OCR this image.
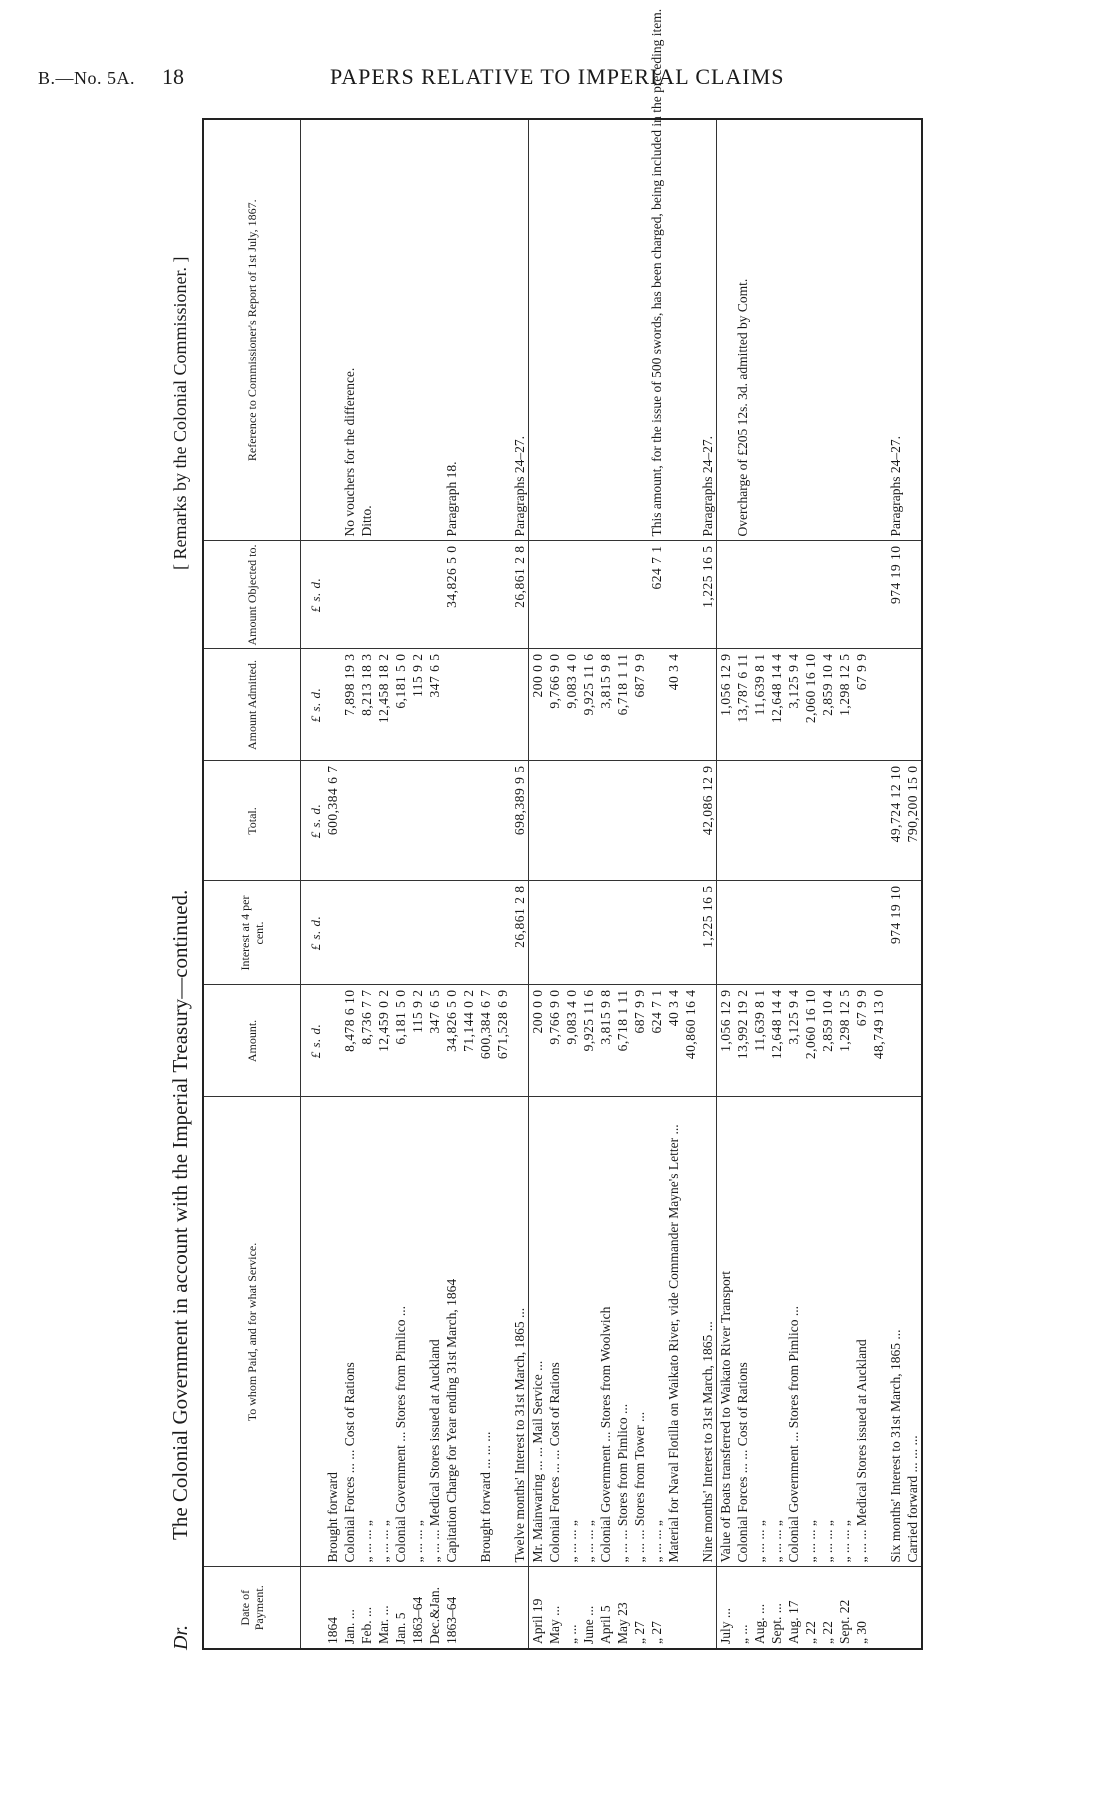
B.—No. 5A. 18	PAPERS RELATIVE TO IMPERIAL CLAIMS
Dr.
The Colonial Government in account with the Imperial Treasury—continued.
[ Remarks by the Colonial Commissioner. ]
Date of Payment.	To whom Paid, and for what Service.	Amount.	Interest at 4 per cent.	Total.	Amount Admitted.	Amount Objected to.	Reference to Commissioner's Report of 1st July, 1867.
		£ s. d.	£ s. d.	£ s. d.	£ s. d.	£ s. d.	
1864	Brought forward			600,384 6 7			
Jan. ...	Colonial Forces ... ... Cost of Rations	8,478 6 10			7,898 19 3		No vouchers for the difference.
Feb. ...	„ ... ... „	8,736 7 7			8,213 18 3		Ditto.
Mar. ...	„ ... ... „	12,459 0 2			12,458 18 2		
Jan. 5	Colonial Government ... Stores from Pimlico ...	6,181 5 0			6,181 5 0		
1863–64	„ ... ... „	115 9 2			115 9 2		
Dec.&Jan.	„ ... ... Medical Stores issued at Auckland	347 6 5			347 6 5		
1863–64	Capitation Charge for Year ending 31st March, 1864	34,826 5 0				34,826 5 0	Paragraph 18.
		71,144 0 2					
	Brought forward ... ... ...	600,384 6 7					
		671,528 6 9					
	Twelve months' Interest to 31st March, 1865 ...		26,861 2 8	698,389 9 5		26,861 2 8	Paragraphs 24–27.
April 19	Mr. Mainwaring ... ... Mail Service ...	200 0 0			200 0 0		
May ...	Colonial Forces ... ... Cost of Rations	9,766 9 0			9,766 9 0		
„ ...	„ ... ... „	9,083 4 0			9,083 4 0		
June ...	„ ... ... „	9,925 11 6			9,925 11 6		
April 5	Colonial Government ... Stores from Woolwich	3,815 9 8			3,815 9 8		
May 23	„ ... ... Stores from Pimlico ...	6,718 1 11			6,718 1 11		
„ 27	„ ... ... Stores from Tower ...	687 9 9			687 9 9		
„ 27	„ ... ... „	624 7 1				624 7 1	This amount, for the issue of 500 swords, has been charged, being included in the preceding item.
	Material for Naval Flotilla on Waikato River, vide Commander Mayne's Letter ...	40 3 4			40 3 4		
		40,860 16 4					
	Nine months' Interest to 31st March, 1865 ...		1,225 16 5	42,086 12 9		1,225 16 5	Paragraphs 24–27.
July ...	Value of Boats transferred to Waikato River Transport	1,056 12 9			1,056 12 9		
„ ...	Colonial Forces ... ... Cost of Rations	13,992 19 2			13,787 6 11		Overcharge of £205 12s. 3d. admitted by Comt.
Aug. ...	„ ... ... „	11,639 8 1			11,639 8 1		
Sept. ...	„ ... ... „	12,648 14 4			12,648 14 4		
Aug. 17	Colonial Government ... Stores from Pimlico ...	3,125 9 4			3,125 9 4		
„ 22	„ ... ... „	2,060 16 10			2,060 16 10		
„ 22	„ ... ... „	2,859 10 4			2,859 10 4		
Sept. 22	„ ... ... „	1,298 12 5			1,298 12 5		
„ 30	„ ... ... Medical Stores issued at Auckland	67 9 9			67 9 9		
		48,749 13 0					
	Six months' Interest to 31st March, 1865 ...		974 19 10	49,724 12 10		974 19 10	Paragraphs 24–27.
	Carried forward ... ... ...			790,200 15 0			
